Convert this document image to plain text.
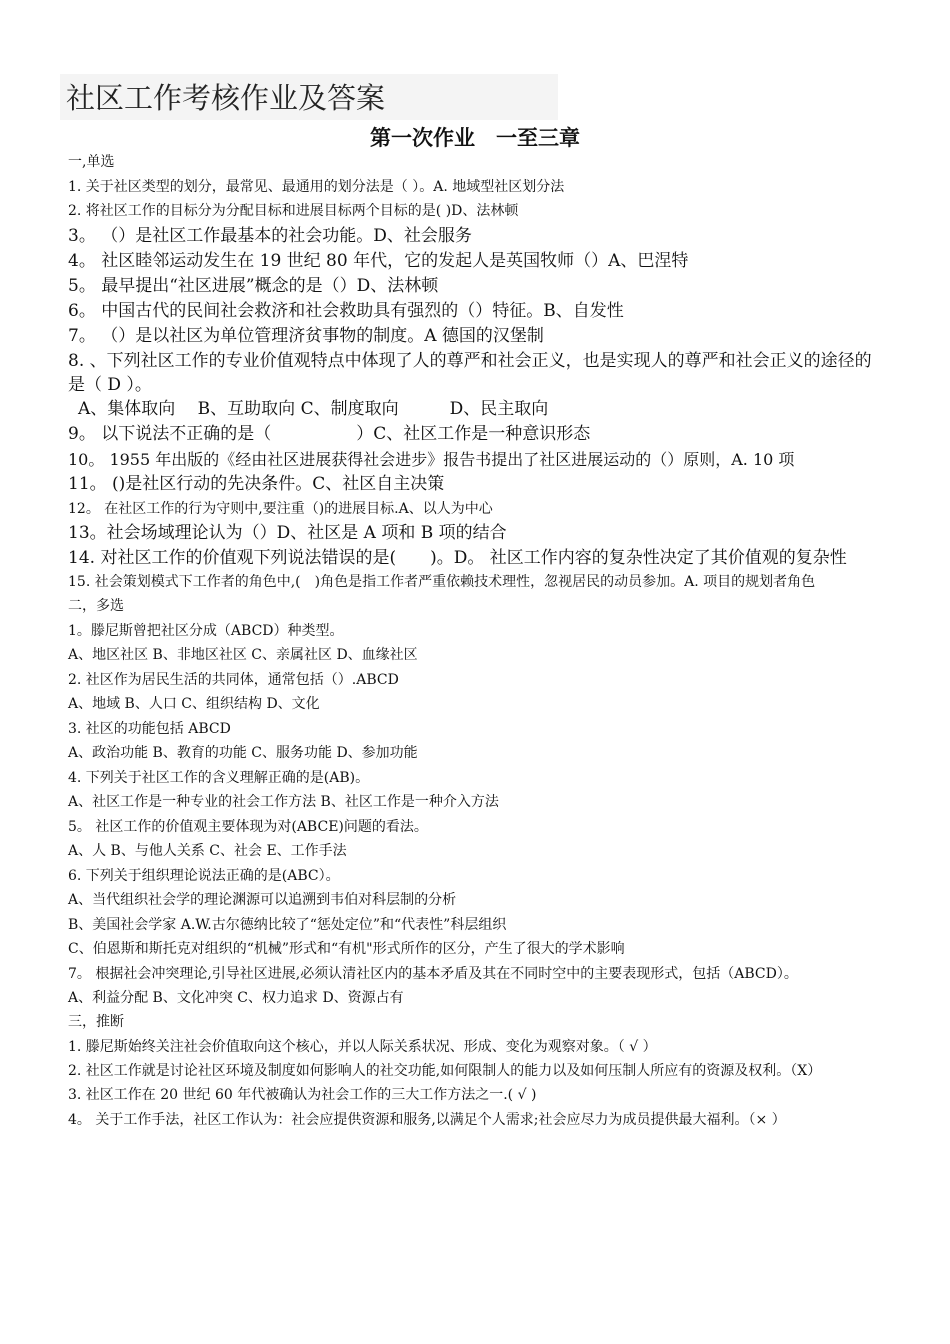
社区工作考核作业及答案
第一次作业　一至三章

一,单选

1. 关于社区类型的划分，最常见、最通用的划分法是（ ）。A. 地域型社区划分法

2. 将社区工作的目标分为分配目标和进展目标两个目标的是( )D、法林顿

3。 （）是社区工作最基本的社会功能。D、社会服务

4。 社区睦邻运动发生在 19 世纪 80 年代，它的发起人是英国牧师（）A、巴涅特

5。 最早提出“社区进展”概念的是（）D、法林顿

6。 中国古代的民间社会救济和社会救助具有强烈的（）特征。B、自发性

7。 （）是以社区为单位管理济贫事物的制度。A 德国的汉堡制

8. 、下列社区工作的专业价值观特点中体现了人的尊严和社会正义，也是实现人的尊严和社会正义的途径的是（ D ）。

A、集体取向　 B、互助取向 C、制度取向　　　D、民主取向

9。 以下说法不正确的是（　　　　　）C、社区工作是一种意识形态

10。 1955 年出版的《经由社区进展获得社会进步》报告书提出了社区进展运动的（）原则，A. 10 项

11。 ()是社区行动的先决条件。C、社区自主决策

12。 在社区工作的行为守则中,要注重（)的进展目标.A、以人为中心

13。社会场域理论认为（）D、社区是 A 项和 B 项的结合

14. 对社区工作的价值观下列说法错误的是(　　)。D。 社区工作内容的复杂性决定了其价值观的复杂性

15. 社会策划模式下工作者的角色中,(　)角色是指工作者严重依赖技术理性，忽视居民的动员参加。A. 项目的规划者角色

二，多选

1。滕尼斯曾把社区分成（ABCD）种类型。

A、地区社区 B、非地区社区 C、亲属社区 D、血缘社区

2. 社区作为居民生活的共同体，通常包括（）.ABCD

A、地域 B、人口 C、组织结构 D、文化

3. 社区的功能包括 ABCD

A、政治功能 B、教育的功能 C、服务功能 D、参加功能

4. 下列关于社区工作的含义理解正确的是(AB)。

A、社区工作是一种专业的社会工作方法 B、社区工作是一种介入方法

5。 社区工作的价值观主要体现为对(ABCE)问题的看法。

A、人 B、与他人关系 C、社会 E、工作手法

6. 下列关于组织理论说法正确的是(ABC）。

A、当代组织社会学的理论渊源可以追溯到韦伯对科层制的分析

B、美国社会学家 A.W.古尔德纳比较了“惩处定位”和“代表性”科层组织

C、伯恩斯和斯托克对组织的“机械”形式和“有机"形式所作的区分，产生了很大的学术影响

7。 根据社会冲突理论,引导社区进展,必须认清社区内的基本矛盾及其在不同时空中的主要表现形式，包括（ABCD）。

A、利益分配 B、文化冲突 C、权力追求 D、资源占有

三，推断

1. 滕尼斯始终关注社会价值取向这个核心，并以人际关系状况、形成、变化为观察对象。（ √ ）

2. 社区工作就是讨论社区环境及制度如何影响人的社交功能,如何限制人的能力以及如何压制人所应有的资源及权利。（X）

3. 社区工作在 20 世纪 60 年代被确认为社会工作的三大工作方法之一.( √ )

4。 关于工作手法，社区工作认为：社会应提供资源和服务,以满足个人需求;社会应尽力为成员提供最大福利。（× ）
